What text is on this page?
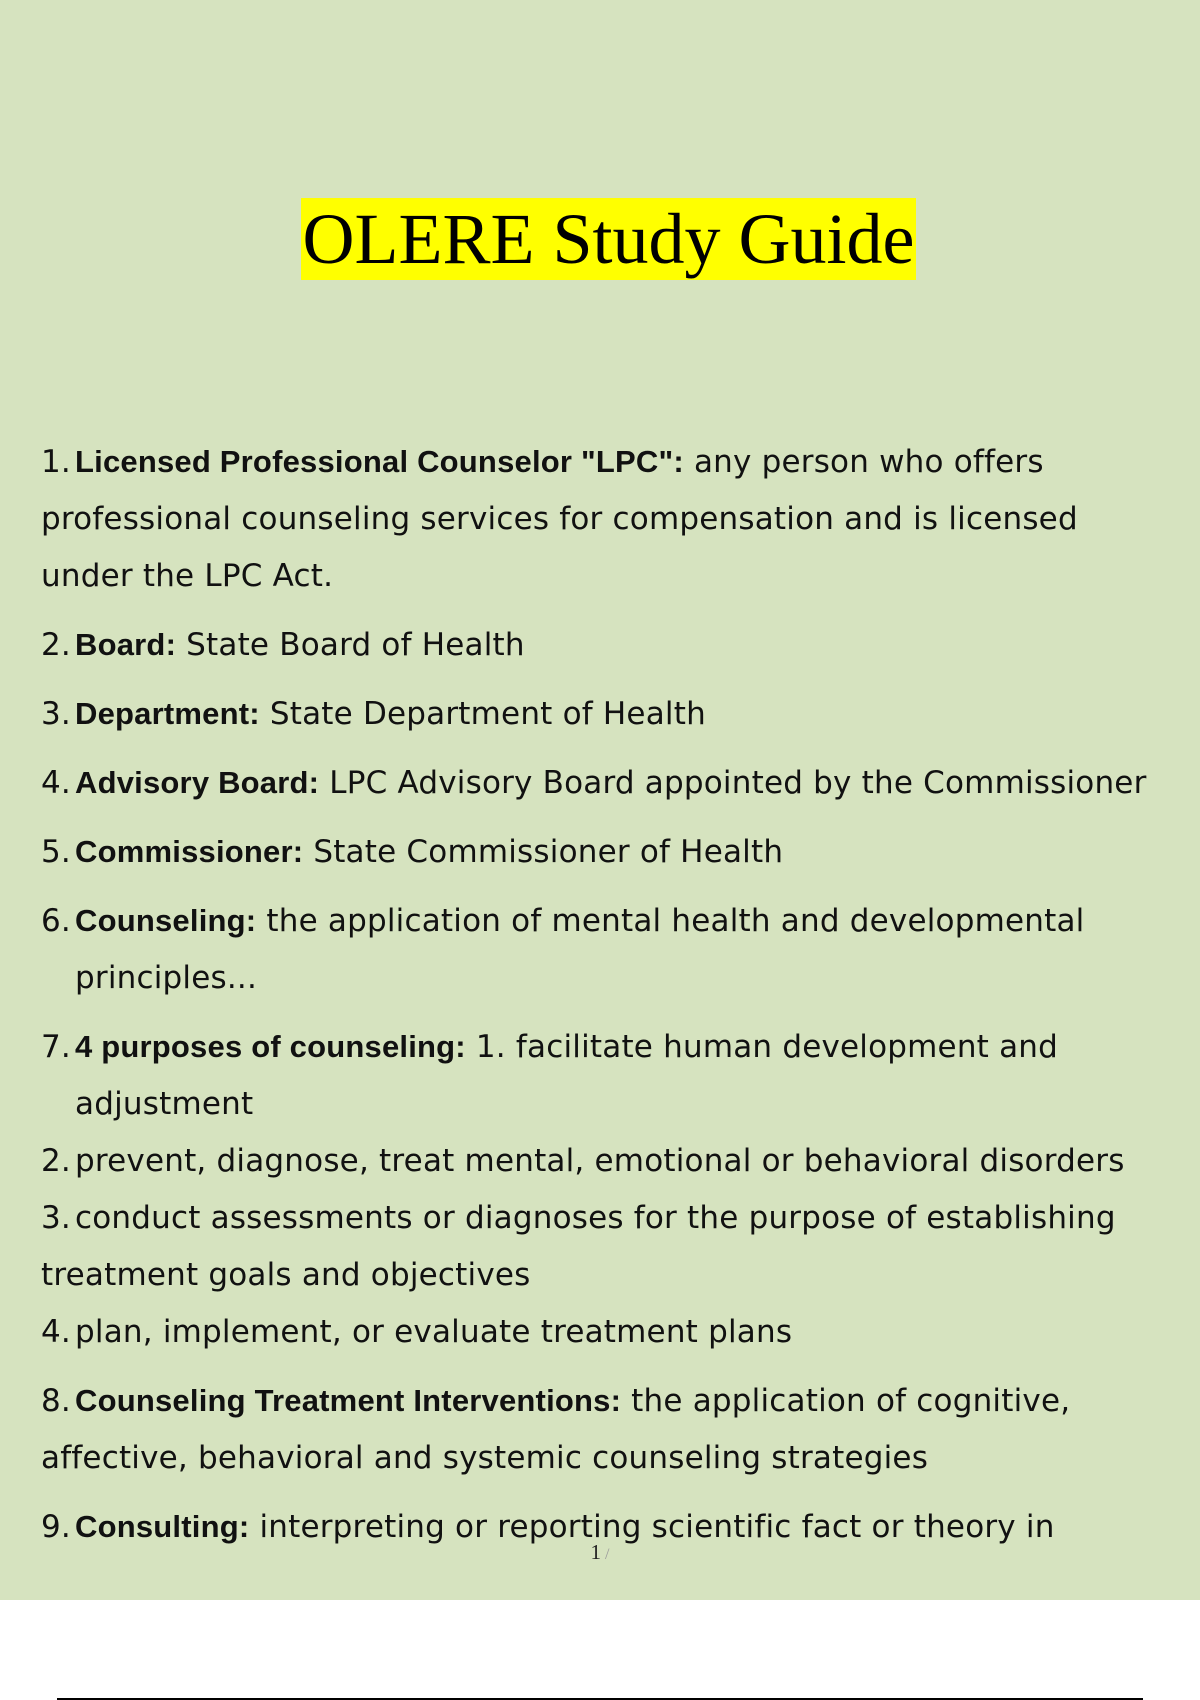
OLERE Study Guide
1. Licensed Professional Counselor "LPC": any person who offers
professional counseling services for compensation and is licensed
under the LPC Act.
2. Board: State Board of Health
3. Department: State Department of Health
4. Advisory Board: LPC Advisory Board appointed by the Commissioner
5. Commissioner: State Commissioner of Health
6. Counseling: the application of mental health and developmental
principles...
7. 4 purposes of counseling: 1. facilitate human development and
adjustment
2. prevent, diagnose, treat mental, emotional or behavioral disorders
3. conduct assessments or diagnoses for the purpose of establishing
treatment goals and objectives
4. plan, implement, or evaluate treatment plans
8. Counseling Treatment Interventions: the application of cognitive,
affective, behavioral and systemic counseling strategies
9. Consulting: interpreting or reporting scientific fact or theory in
1 /
